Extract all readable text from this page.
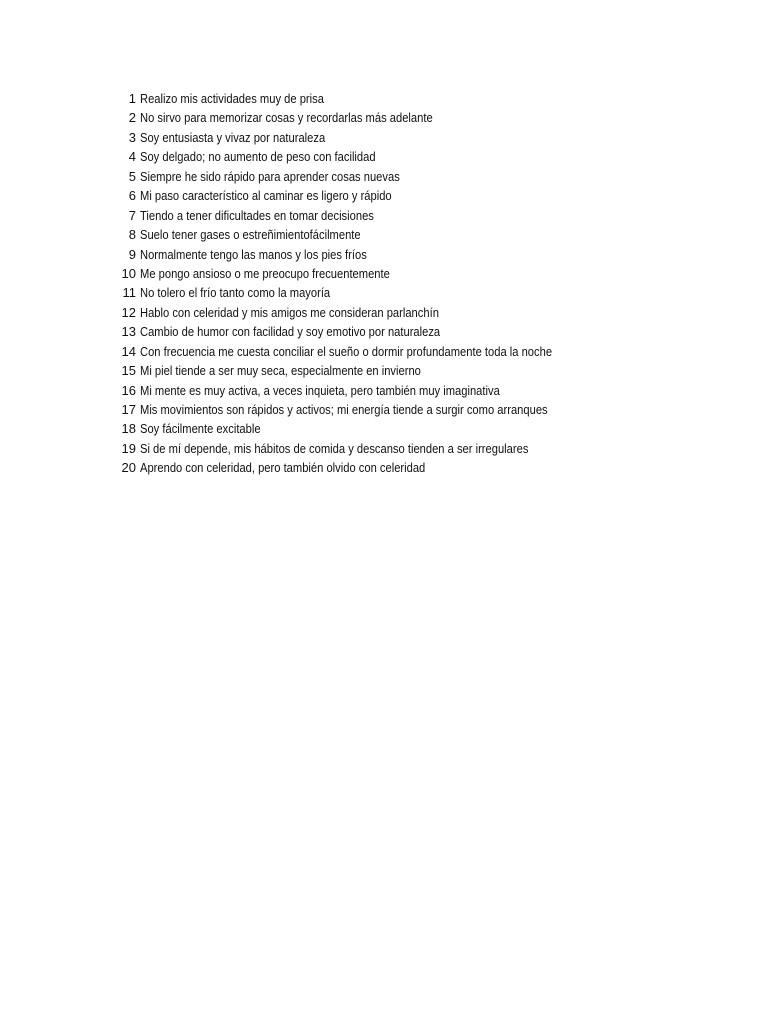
1 Realizo mis actividades muy de prisa
2 No sirvo para memorizar cosas y recordarlas más adelante
3 Soy entusiasta y vivaz por naturaleza
4 Soy delgado; no aumento de peso con facilidad
5 Siempre he sido rápido para aprender cosas nuevas
6 Mi paso característico al caminar es ligero y rápido
7 Tiendo a tener dificultades en tomar decisiones
8 Suelo tener gases o estreñimientofácilmente
9 Normalmente tengo las manos y los pies fríos
10 Me pongo ansioso o me preocupo frecuentemente
11 No tolero el frío tanto como la mayoría
12 Hablo con celeridad y mis amigos me consideran parlanchín
13 Cambio de humor con facilidad y soy emotivo por naturaleza
14 Con frecuencia me cuesta conciliar el sueño o dormir profundamente toda la noche
15 Mi piel tiende a ser muy seca, especialmente en invierno
16 Mi mente es muy activa, a veces inquieta, pero también muy imaginativa
17 Mis movimientos son rápidos y activos; mi energía tiende a surgir como arranques
18 Soy fácilmente excitable
19 Si de mí depende, mis hábitos de comida y descanso tienden a ser irregulares
20 Aprendo con celeridad, pero también olvido con celeridad
